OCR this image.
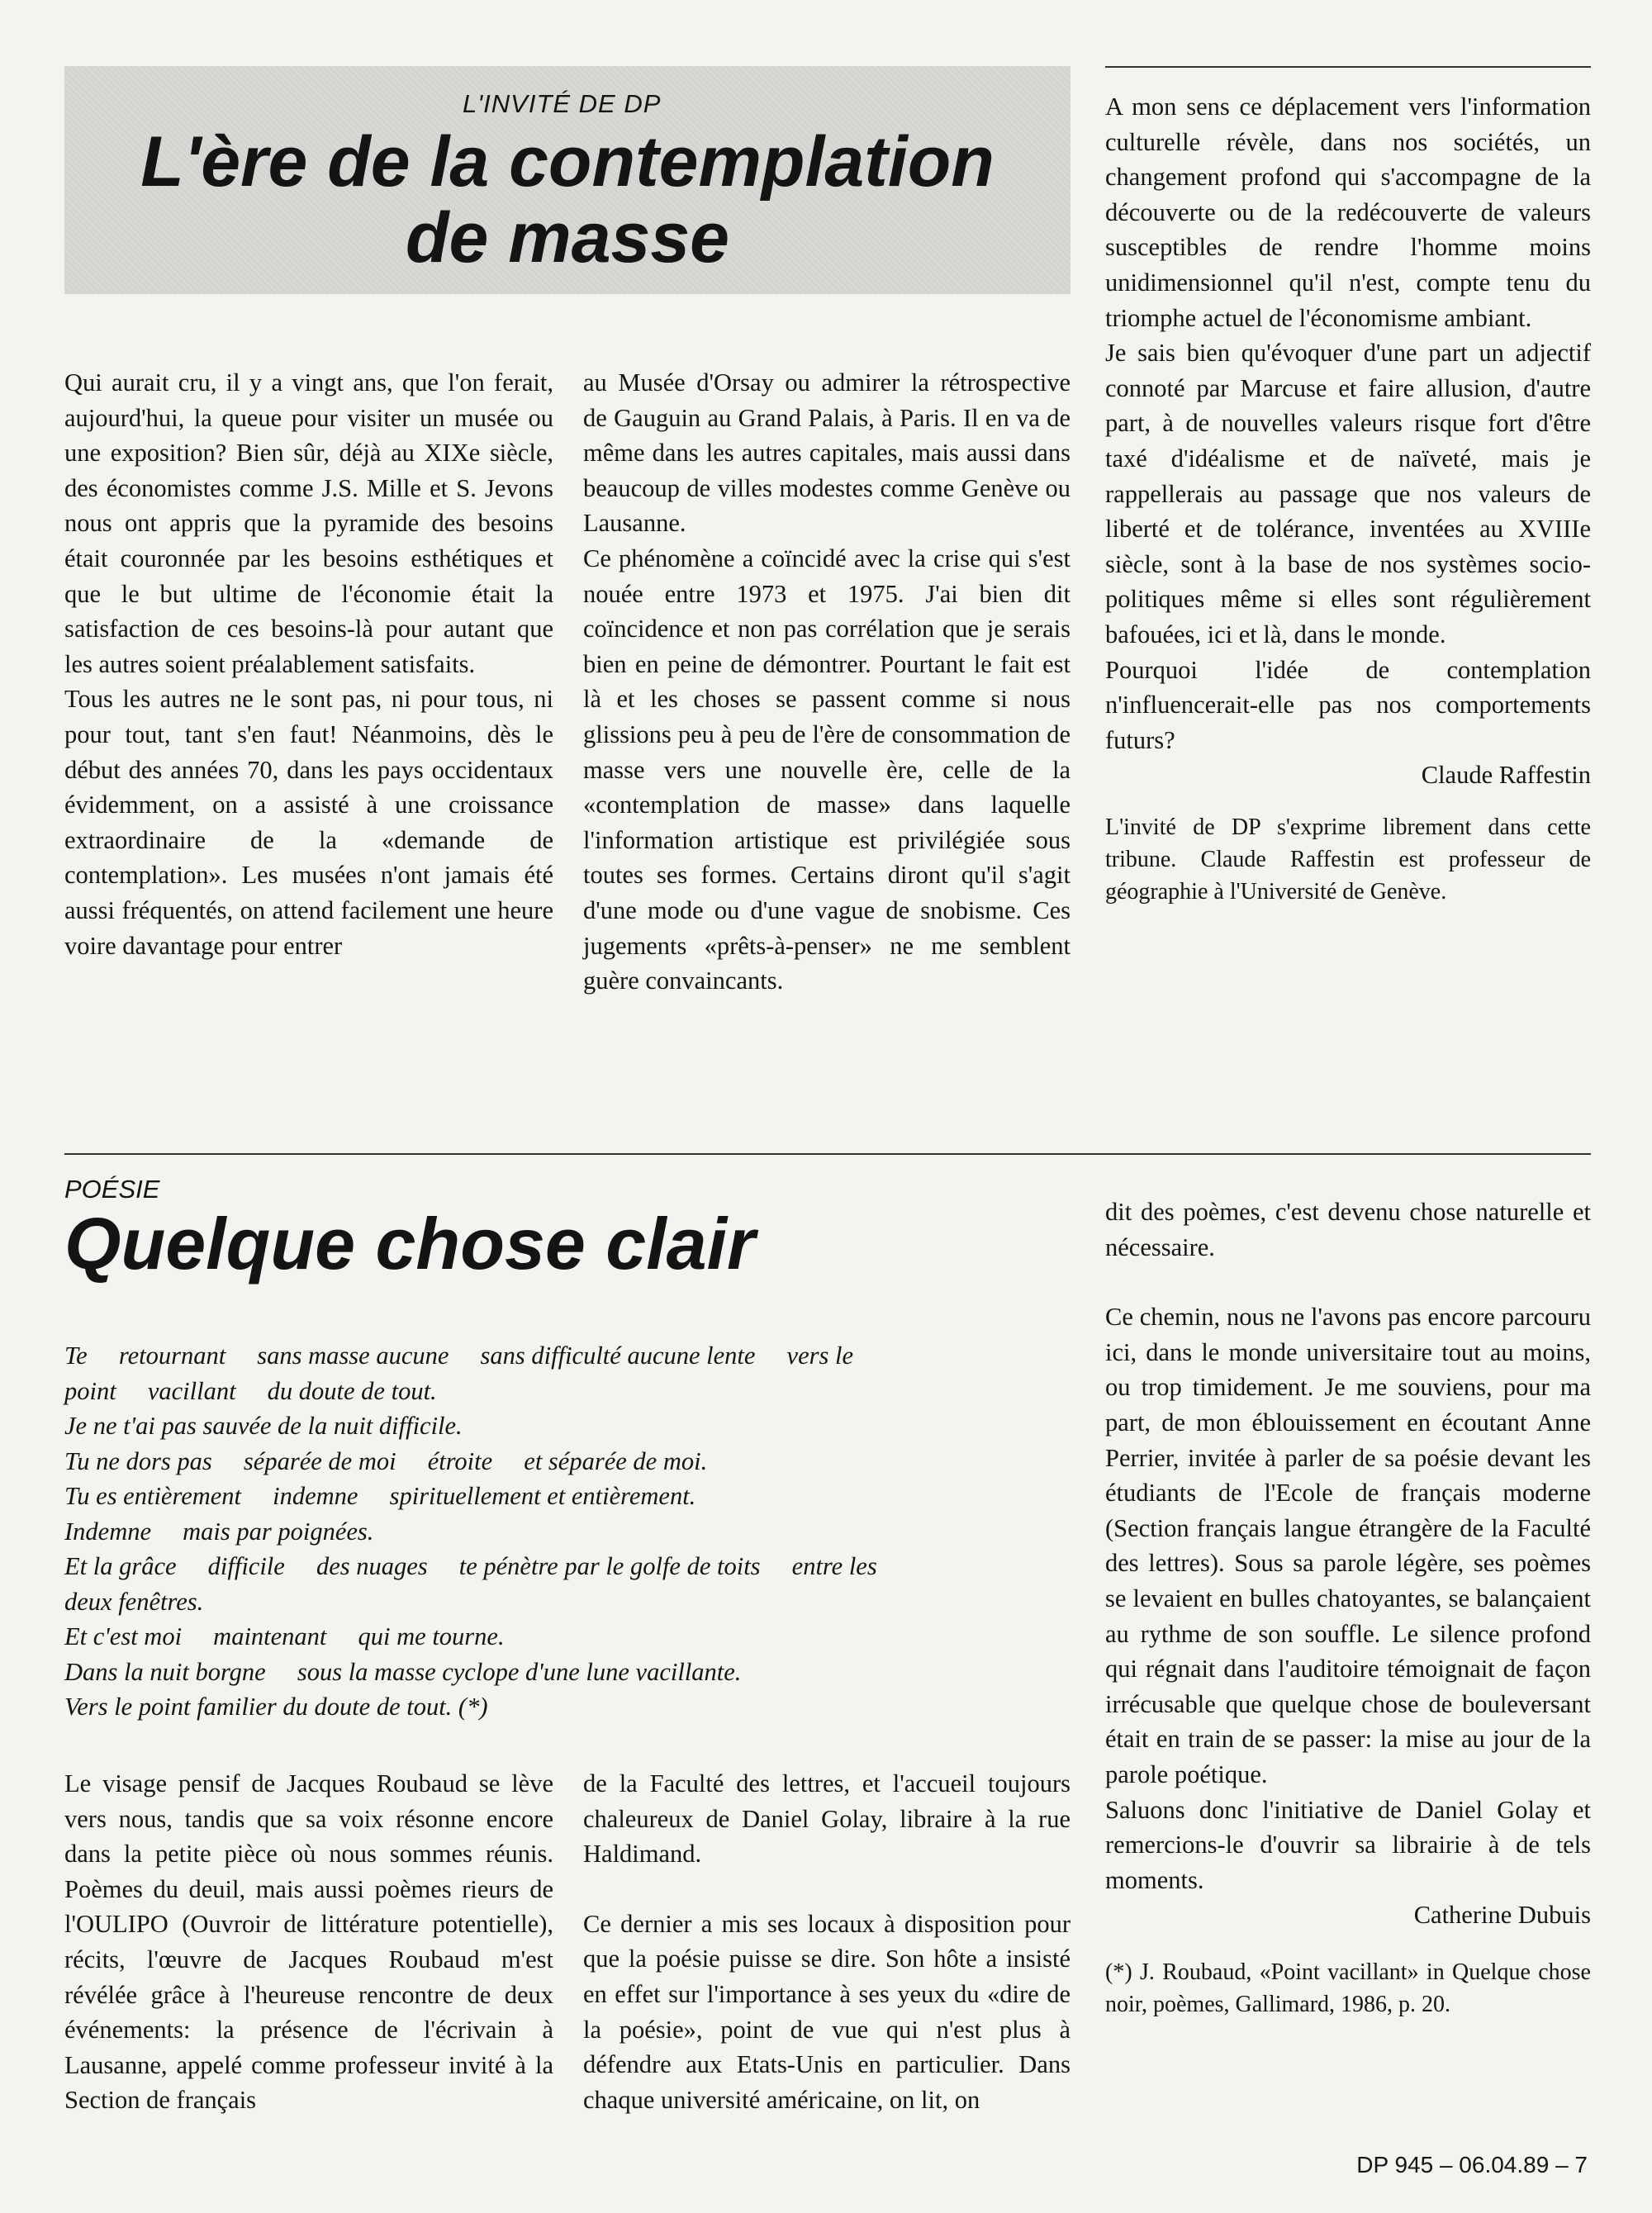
L'INVITÉ DE DP
L'ère de la contemplation
de masse

Qui aurait cru, il y a vingt ans, que l'on ferait, aujourd'hui, la queue pour visiter un musée ou une exposition? Bien sûr, déjà au XIXe siècle, des économistes comme J.S. Mille et S. Jevons nous ont appris que la pyramide des besoins était couronnée par les besoins esthétiques et que le but ultime de l'économie était la satisfaction de ces besoins-là pour autant que les autres soient préalablement satisfaits.

Tous les autres ne le sont pas, ni pour tous, ni pour tout, tant s'en faut! Néanmoins, dès le début des années 70, dans les pays occidentaux évidemment, on a assisté à une croissance extraordinaire de la «demande de contemplation». Les musées n'ont jamais été aussi fréquentés, on attend facilement une heure voire davantage pour entrer

au Musée d'Orsay ou admirer la rétrospective de Gauguin au Grand Palais, à Paris. Il en va de même dans les autres capitales, mais aussi dans beaucoup de villes modestes comme Genève ou Lausanne.

Ce phénomène a coïncidé avec la crise qui s'est nouée entre 1973 et 1975. J'ai bien dit coïncidence et non pas corrélation que je serais bien en peine de démontrer. Pourtant le fait est là et les choses se passent comme si nous glissions peu à peu de l'ère de consommation de masse vers une nouvelle ère, celle de la «contemplation de masse» dans laquelle l'information artistique est privilégiée sous toutes ses formes. Certains diront qu'il s'agit d'une mode ou d'une vague de snobisme. Ces jugements «prêts-à-penser» ne me semblent guère convaincants.

A mon sens ce déplacement vers l'information culturelle révèle, dans nos sociétés, un changement profond qui s'accompagne de la découverte ou de la redécouverte de valeurs susceptibles de rendre l'homme moins unidimensionnel qu'il n'est, compte tenu du triomphe actuel de l'économisme ambiant.

Je sais bien qu'évoquer d'une part un adjectif connoté par Marcuse et faire allusion, d'autre part, à de nouvelles valeurs risque fort d'être taxé d'idéalisme et de naïveté, mais je rappellerais au passage que nos valeurs de liberté et de tolérance, inventées au XVIIIe siècle, sont à la base de nos systèmes socio-politiques même si elles sont régulièrement bafouées, ici et là, dans le monde.

Pourquoi l'idée de contemplation n'influencerait-elle pas nos comportements futurs?

Claude Raffestin

L'invité de DP s'exprime librement dans cette tribune. Claude Raffestin est professeur de géographie à l'Université de Genève.

POÉSIE
Quelque chose clair
Te     retournant     sans masse aucune     sans difficulté aucune lente     vers le
point     vacillant     du doute de tout.
Je ne t'ai pas sauvée de la nuit difficile.
Tu ne dors pas     séparée de moi     étroite     et séparée de moi.
Tu es entièrement     indemne     spirituellement et entièrement.
Indemne     mais par poignées.
Et la grâce     difficile     des nuages     te pénètre par le golfe de toits     entre les
deux fenêtres.
Et c'est moi     maintenant     qui me tourne.
Dans la nuit borgne     sous la masse cyclope d'une lune vacillante.
Vers le point familier du doute de tout. (*)

Le visage pensif de Jacques Roubaud se lève vers nous, tandis que sa voix résonne encore dans la petite pièce où nous sommes réunis. Poèmes du deuil, mais aussi poèmes rieurs de l'OULIPO (Ouvroir de littérature potentielle), récits, l'œuvre de Jacques Roubaud m'est révélée grâce à l'heureuse rencontre de deux événements: la présence de l'écrivain à Lausanne, appelé comme professeur invité à la Section de français

de la Faculté des lettres, et l'accueil toujours chaleureux de Daniel Golay, libraire à la rue Haldimand.

Ce dernier a mis ses locaux à disposition pour que la poésie puisse se dire. Son hôte a insisté en effet sur l'importance à ses yeux du «dire de la poésie», point de vue qui n'est plus à défendre aux Etats-Unis en particulier. Dans chaque université américaine, on lit, on

dit des poèmes, c'est devenu chose naturelle et nécessaire.

Ce chemin, nous ne l'avons pas encore parcouru ici, dans le monde universitaire tout au moins, ou trop timidement. Je me souviens, pour ma part, de mon éblouissement en écoutant Anne Perrier, invitée à parler de sa poésie devant les étudiants de l'Ecole de français moderne (Section français langue étrangère de la Faculté des lettres). Sous sa parole légère, ses poèmes se levaient en bulles chatoyantes, se balançaient au rythme de son souffle. Le silence profond qui régnait dans l'auditoire témoignait de façon irrécusable que quelque chose de bouleversant était en train de se passer: la mise au jour de la parole poétique.

Saluons donc l'initiative de Daniel Golay et remercions-le d'ouvrir sa librairie à de tels moments.

Catherine Dubuis

(*) J. Roubaud, «Point vacillant» in Quelque chose noir, poèmes, Gallimard, 1986, p. 20.

DP 945 – 06.04.89 – 7
